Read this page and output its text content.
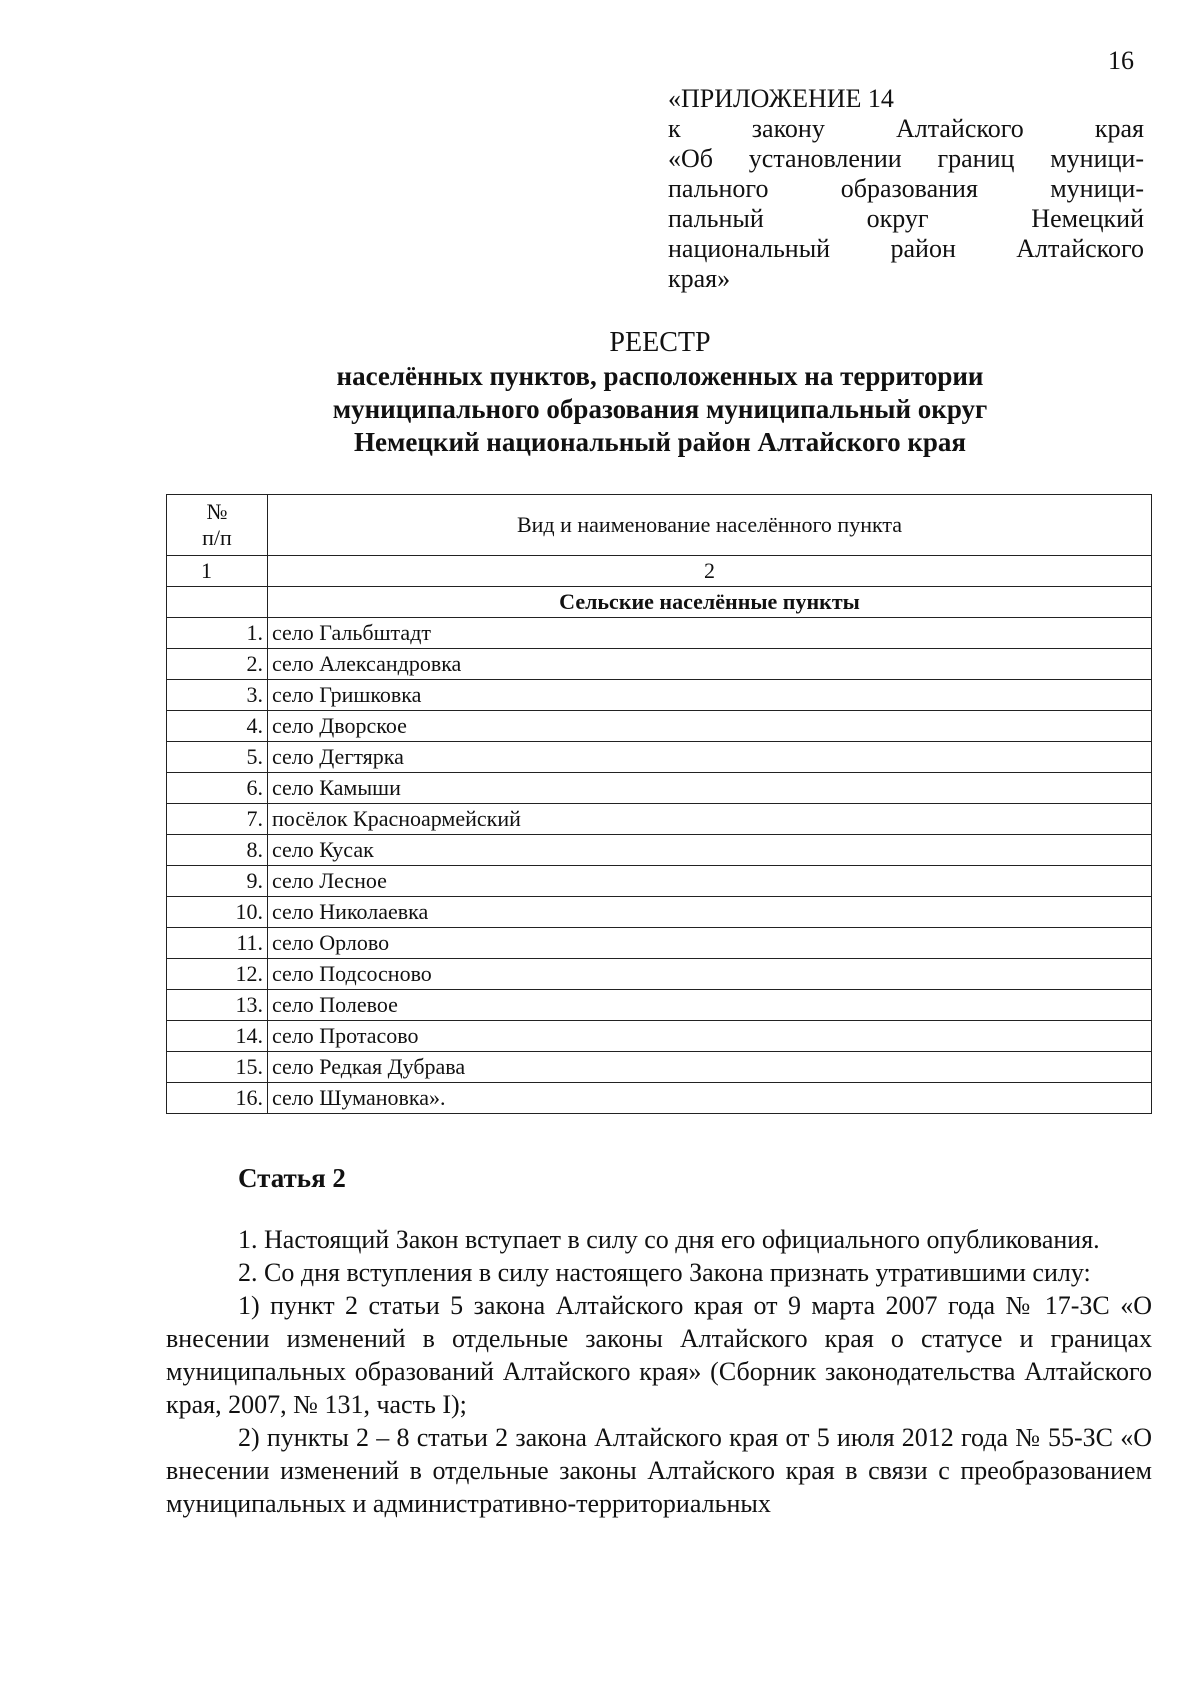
16
«ПРИЛОЖЕНИЕ 14
к закону Алтайского края
«Об установлении границ муници-
пального образования муници-
пальный округ Немецкий
национальный район Алтайского
края»
РЕЕСТР
населённых пунктов, расположенных на территории
муниципального образования муниципальный округ
Немецкий национальный район Алтайского края
№
п/п	Вид и наименование населённого пункта
1	2
	Сельские населённые пункты
1.	село Гальбштадт
2.	село Александровка
3.	село Гришковка
4.	село Дворское
5.	село Дегтярка
6.	село Камыши
7.	посёлок Красноармейский
8.	село Кусак
9.	село Лесное
10.	село Николаевка
11.	село Орлово
12.	село Подсосново
13.	село Полевое
14.	село Протасово
15.	село Редкая Дубрава
16.	село Шумановка».
Статья 2

1. Настоящий Закон вступает в силу со дня его официального опубликования.

2. Со дня вступления в силу настоящего Закона признать утратившими силу:

1) пункт 2 статьи 5 закона Алтайского края от 9 марта 2007 года № 17-ЗС «О внесении изменений в отдельные законы Алтайского края о статусе и границах муниципальных образований Алтайского края» (Сборник законодательства Алтайского края, 2007, № 131, часть I);

2) пункты 2 – 8 статьи 2 закона Алтайского края от 5 июля 2012 года № 55-ЗС «О внесении изменений в отдельные законы Алтайского края в связи с преобразованием муниципальных и административно-территориальных
